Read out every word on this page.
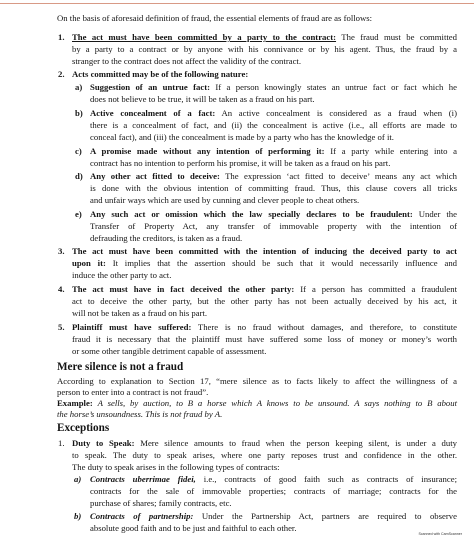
On the basis of aforesaid definition of fraud, the essential elements of fraud are as follows:
1. The act must have been committed by a party to the contract: The fraud must be committed
by a party to a contract or by anyone with his connivance or by his agent. Thus, the fraud by a
stranger to the contract does not affect the validity of the contract.
2. Acts committed may be of the following nature:
a) Suggestion of an untrue fact: If a person knowingly states an untrue fact or fact which he
does not believe to be true, it will be taken as a fraud on his part.
b) Active concealment of a fact: An active concealment is considered as a fraud when (i)
there is a concealment of fact, and (ii) the concealment is active (i.e., all efforts are made to
conceal fact), and (iii) the concealment is made by a party who has the knowledge of it.
c) A promise made without any intention of performing it: If a party while entering into a
contract has no intention to perform his promise, it will be taken as a fraud on his part.
d) Any other act fitted to deceive: The expression ‘act fitted to deceive’ means any act which
is done with the obvious intention of committing fraud. Thus, this clause covers all tricks
and unfair ways which are used by cunning and clever people to cheat others.
e) Any such act or omission which the law specially declares to be fraudulent: Under the
Transfer of Property Act, any transfer of immovable property with the intention of
defrauding the creditors, is taken as a fraud.
3. The act must have been committed with the intention of inducing the deceived party to act
upon it: It implies that the assertion should be such that it would necessarily influence and
induce the other party to act.
4. The act must have in fact deceived the other party: If a person has committed a fraudulent
act to deceive the other party, but the other party has not been actually deceived by his act, it
will not be taken as a fraud on his part.
5. Plaintiff must have suffered: There is no fraud without damages, and therefore, to constitute
fraud it is necessary that the plaintiff must have suffered some loss of money or money’s worth
or some other tangible detriment capable of assessment.
Mere silence is not a fraud
According to explanation to Section 17, “mere silence as to facts likely to affect the willingness of a
person to enter into a contract is not fraud”.
Example: A sells, by auction, to B a horse which A knows to be unsound. A says nothing to B about
the horse’s unsoundness. This is not fraud by A.
Exceptions
1. Duty to Speak: Mere silence amounts to fraud when the person keeping silent, is under a duty
to speak. The duty to speak arises, where one party reposes trust and confidence in the other.
The duty to speak arises in the following types of contracts:
a) Contracts uberrimae fidei, i.e., contracts of good faith such as contracts of insurance;
contracts for the sale of immovable properties; contracts of marriage; contracts for the
purchase of shares; family contracts, etc.
b) Contracts of partnership: Under the Partnership Act, partners are required to observe
absolute good faith and to be just and faithful to each other.
Scanned with CamScanner
